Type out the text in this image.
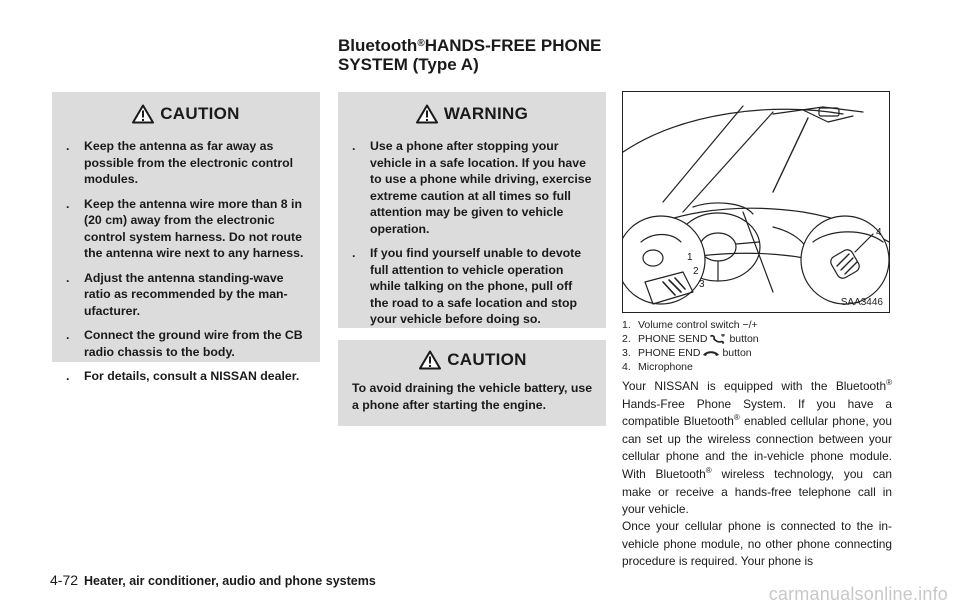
Bluetooth®HANDS-FREE PHONE
SYSTEM (Type A)
CAUTION
. Keep the antenna as far away as possible from the electronic control modules.
. Keep the antenna wire more than 8 in (20 cm) away from the electronic control system harness. Do not route the antenna wire next to any harness.
. Adjust the antenna standing-wave ratio as recommended by the manufacturer.
. Connect the ground wire from the CB radio chassis to the body.
. For details, consult a NISSAN dealer.
WARNING
. Use a phone after stopping your vehicle in a safe location. If you have to use a phone while driving, exercise extreme caution at all times so full attention may be given to vehicle operation.
. If you find yourself unable to devote full attention to vehicle operation while talking on the phone, pull off the road to a safe location and stop your vehicle before doing so.
CAUTION

To avoid draining the vehicle battery, use a phone after starting the engine.

1
2
3
4
SAA3446
1. Volume control switch −/+
2. PHONE SEND button
3. PHONE END button
4. Microphone

Your NISSAN is equipped with the Bluetooth® Hands-Free Phone System. If you have a compatible Bluetooth® enabled cellular phone, you can set up the wireless connection between your cellular phone and the in-vehicle phone module. With Bluetooth® wireless technology, you can make or receive a hands-free telephone call in your vehicle.

Once your cellular phone is connected to the in-vehicle phone module, no other phone connecting procedure is required. Your phone is

4-72 Heater, air conditioner, audio and phone systems
carmanualsonline.info
